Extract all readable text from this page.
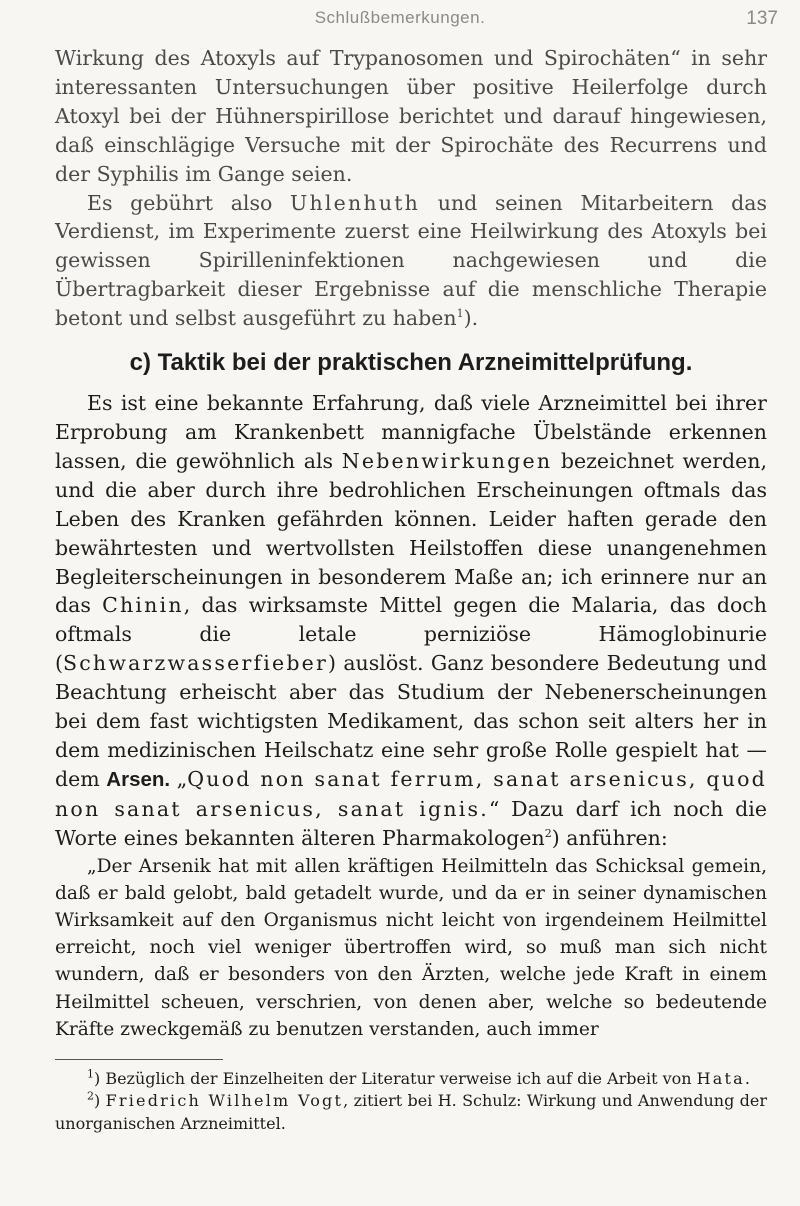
Schlußbemerkungen.	137

Wirkung des Atoxyls auf Trypanosomen und Spirochäten“ in sehr interessanten Untersuchungen über positive Heilerfolge durch Atoxyl bei der Hühnerspirillose berichtet und darauf hingewiesen, daß einschlägige Versuche mit der Spirochäte des Recurrens und der Syphilis im Gange seien.

Es gebührt also Uhlenhuth und seinen Mitarbeitern das Verdienst, im Experimente zuerst eine Heilwirkung des Atoxyls bei gewissen Spirilleninfektionen nachgewiesen und die Übertragbarkeit dieser Ergebnisse auf die menschliche Therapie betont und selbst ausgeführt zu haben$^1$).

c) Taktik bei der praktischen Arzneimittelprüfung.

Es ist eine bekannte Erfahrung, daß viele Arzneimittel bei ihrer Erprobung am Krankenbett mannigfache Übelstände erkennen lassen, die gewöhnlich als Nebenwirkungen bezeichnet werden, und die aber durch ihre bedrohlichen Erscheinungen oftmals das Leben des Kranken gefährden können. Leider haften gerade den bewährtesten und wertvollsten Heilstoffen diese unangenehmen Begleiterscheinungen in besonderem Maße an; ich erinnere nur an das Chinin, das wirksamste Mittel gegen die Malaria, das doch oftmals die letale perniziöse Hämoglobinurie (Schwarzwasserfieber) auslöst. Ganz besondere Bedeutung und Beachtung erheischt aber das Studium der Nebenerscheinungen bei dem fast wichtigsten Medikament, das schon seit alters her in dem medizinischen Heilschatz eine sehr große Rolle gespielt hat — dem Arsen. „Quod non sanat ferrum, sanat arsenicus, quod non sanat arsenicus, sanat ignis.“ Dazu darf ich noch die Worte eines bekannten älteren Pharmakologen$^2$) anführen:

„Der Arsenik hat mit allen kräftigen Heilmitteln das Schicksal gemein, daß er bald gelobt, bald getadelt wurde, und da er in seiner dynamischen Wirksamkeit auf den Organismus nicht leicht von irgendeinem Heilmittel erreicht, noch viel weniger übertroffen wird, so muß man sich nicht wundern, daß er besonders von den Ärzten, welche jede Kraft in einem Heilmittel scheuen, verschrien, von denen aber, welche so bedeutende Kräfte zweckgemäß zu benutzen verstanden, auch immer

$^1$) Bezüglich der Einzelheiten der Literatur verweise ich auf die Arbeit von Hata.

$^2$) Friedrich Wilhelm Vogt, zitiert bei H. Schulz: Wirkung und Anwendung der unorganischen Arzneimittel.
